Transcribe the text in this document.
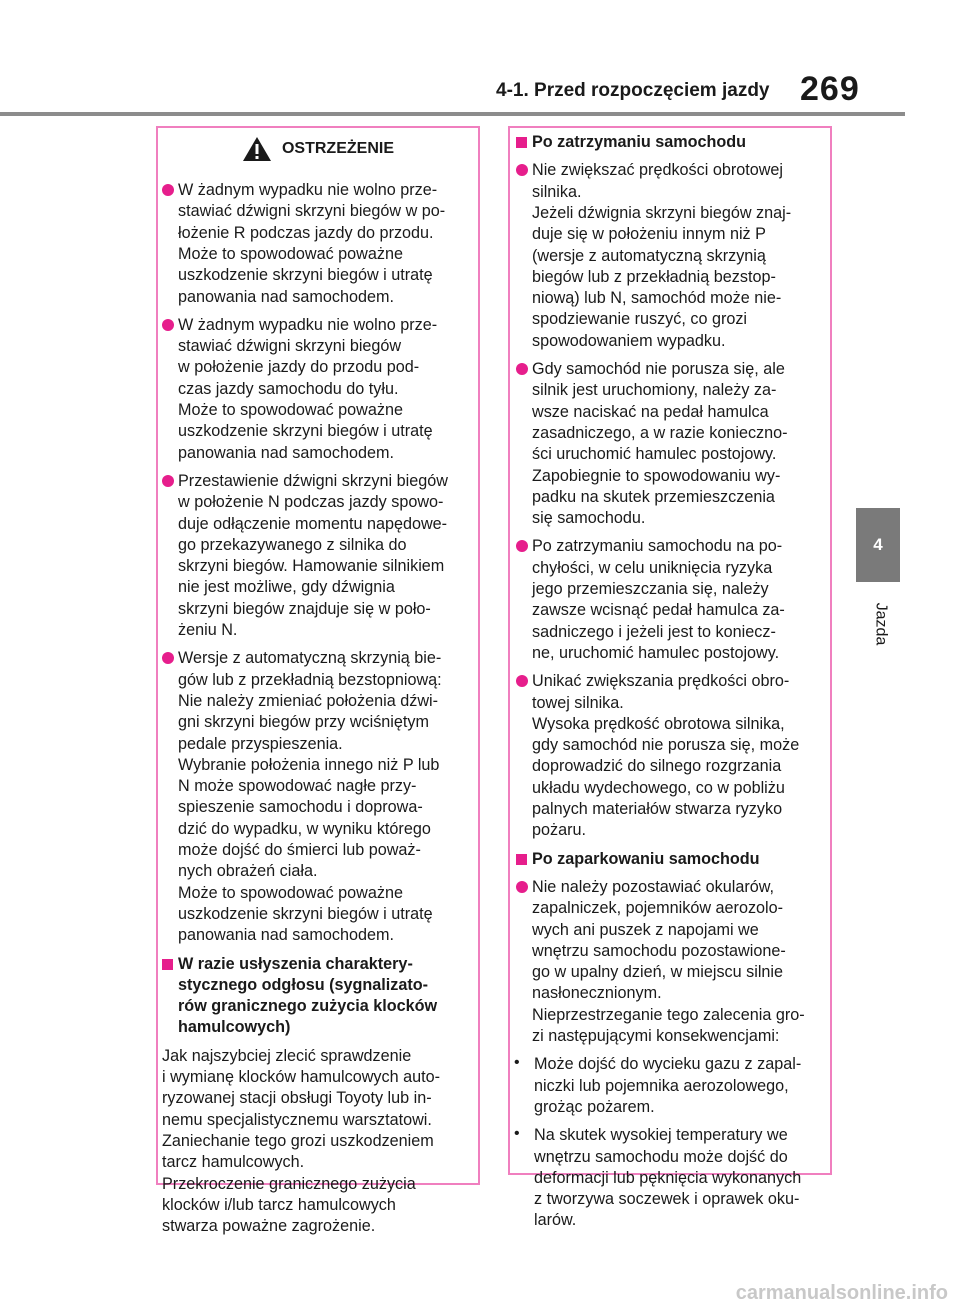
4-1. Przed rozpoczęciem jazdy 269
4
Jazda
OSTRZEŻENIE
W żadnym wypadku nie wolno prze-
stawiać dźwigni skrzyni biegów w po-
łożenie R podczas jazdy do przodu.
Może to spowodować poważne
uszkodzenie skrzyni biegów i utratę
panowania nad samochodem.
W żadnym wypadku nie wolno prze-
stawiać dźwigni skrzyni biegów
w położenie jazdy do przodu pod-
czas jazdy samochodu do tyłu.
Może to spowodować poważne
uszkodzenie skrzyni biegów i utratę
panowania nad samochodem.
Przestawienie dźwigni skrzyni biegów
w położenie N podczas jazdy spowo-
duje odłączenie momentu napędowe-
go przekazywanego z silnika do
skrzyni biegów. Hamowanie silnikiem
nie jest możliwe, gdy dźwignia
skrzyni biegów znajduje się w poło-
żeniu N.
Wersje z automatyczną skrzynią bie-
gów lub z przekładnią bezstopniową:
Nie należy zmieniać położenia dźwi-
gni skrzyni biegów przy wciśniętym
pedale przyspieszenia.
Wybranie położenia innego niż P lub
N może spowodować nagłe przy-
spieszenie samochodu i doprowa-
dzić do wypadku, w wyniku którego
może dojść do śmierci lub poważ-
nych obrażeń ciała.
Może to spowodować poważne
uszkodzenie skrzyni biegów i utratę
panowania nad samochodem.
W razie usłyszenia charaktery-
stycznego odgłosu (sygnalizato-
rów granicznego zużycia klocków
hamulcowych)
Jak najszybciej zlecić sprawdzenie
i wymianę klocków hamulcowych auto-
ryzowanej stacji obsługi Toyoty lub in-
nemu specjalistycznemu warsztatowi.
Zaniechanie tego grozi uszkodzeniem
tarcz hamulcowych.
Przekroczenie granicznego zużycia
klocków i/lub tarcz hamulcowych
stwarza poważne zagrożenie.
Po zatrzymaniu samochodu
Nie zwiększać prędkości obrotowej
silnika.
Jeżeli dźwignia skrzyni biegów znaj-
duje się w położeniu innym niż P
(wersje z automatyczną skrzynią
biegów lub z przekładnią bezstop-
niową) lub N, samochód może nie-
spodziewanie ruszyć, co grozi
spowodowaniem wypadku.
Gdy samochód nie porusza się, ale
silnik jest uruchomiony, należy za-
wsze naciskać na pedał hamulca
zasadniczego, a w razie konieczno-
ści uruchomić hamulec postojowy.
Zapobiegnie to spowodowaniu wy-
padku na skutek przemieszczenia
się samochodu.
Po zatrzymaniu samochodu na po-
chyłości, w celu uniknięcia ryzyka
jego przemieszczania się, należy
zawsze wcisnąć pedał hamulca za-
sadniczego i jeżeli jest to koniecz-
ne, uruchomić hamulec postojowy.
Unikać zwiększania prędkości obro-
towej silnika.
Wysoka prędkość obrotowa silnika,
gdy samochód nie porusza się, może
doprowadzić do silnego rozgrzania
układu wydechowego, co w pobliżu
palnych materiałów stwarza ryzyko
pożaru.
Po zaparkowaniu samochodu
Nie należy pozostawiać okularów,
zapalniczek, pojemników aerozolo-
wych ani puszek z napojami we
wnętrzu samochodu pozostawione-
go w upalny dzień, w miejscu silnie
nasłonecznionym.
Nieprzestrzeganie tego zalecenia gro-
zi następującymi konsekwencjami:
Może dojść do wycieku gazu z zapal-
niczki lub pojemnika aerozolowego,
grożąc pożarem.
Na skutek wysokiej temperatury we
wnętrzu samochodu może dojść do
deformacji lub pęknięcia wykonanych
z tworzywa soczewek i oprawek oku-
larów.
carmanualsonline.info
•
•
